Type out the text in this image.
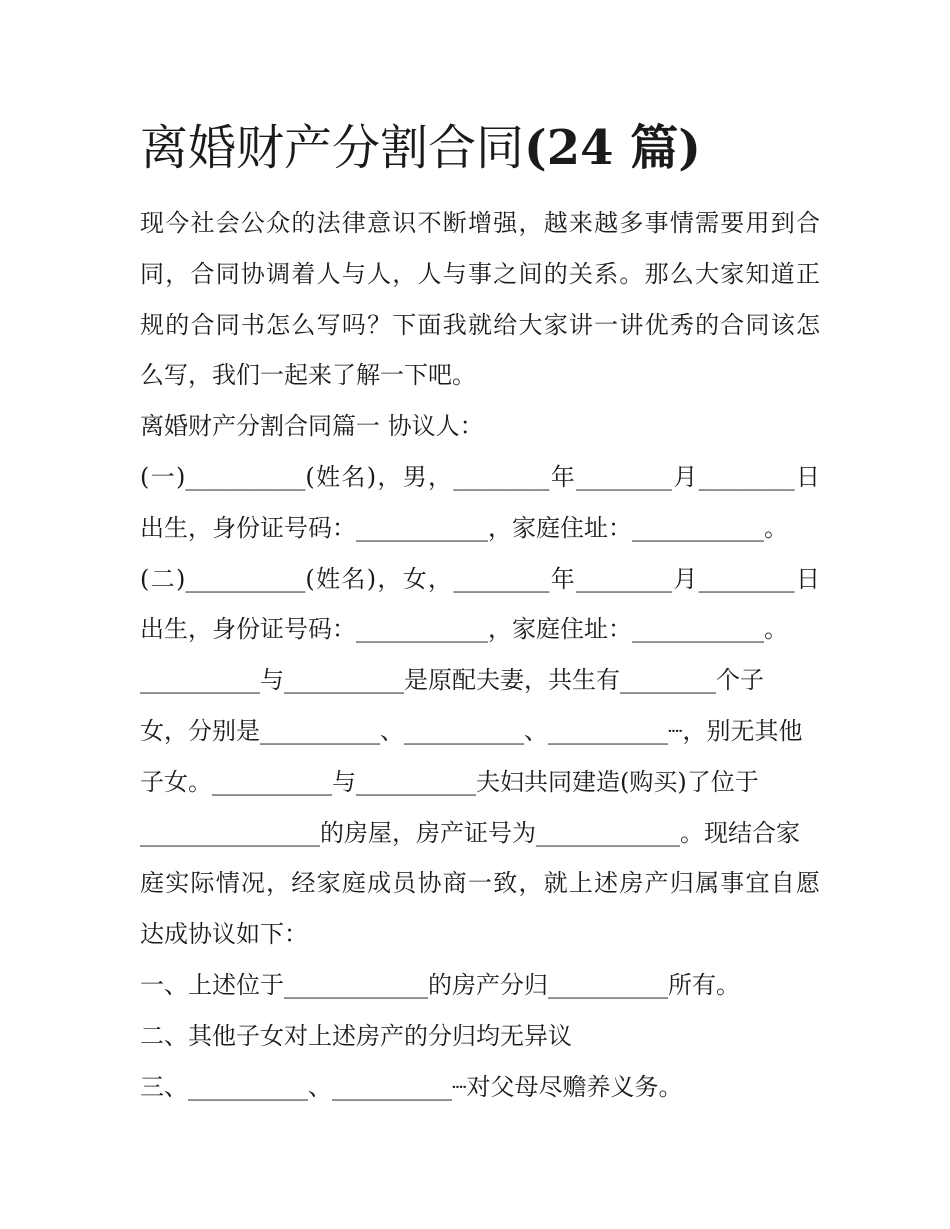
离婚财产分割合同(24 篇)
现今社会公众的法律意识不断增强，越来越多事情需要用到合
同，合同协调着人与人，人与事之间的关系。那么大家知道正
规的合同书怎么写吗？下面我就给大家讲一讲优秀的合同该怎
么写，我们一起来了解一下吧。
离婚财产分割合同篇一 协议人：
(一)__________(姓名)，男，________年________月________日
出生，身份证号码：___________，家庭住址：___________。
(二)__________(姓名)，女，________年________月________日
出生，身份证号码：___________，家庭住址：___________。
__________与__________是原配夫妻，共生有________个子
女，分别是__________、__________、__________┈，别无其他
子女。__________与__________夫妇共同建造(购买)了位于
_______________的房屋，房产证号为____________。现结合家
庭实际情况，经家庭成员协商一致，就上述房产归属事宜自愿
达成协议如下：
一、上述位于____________的房产分归__________所有。
二、其他子女对上述房产的分归均无异议
三、__________、__________┈对父母尽赡养义务。
